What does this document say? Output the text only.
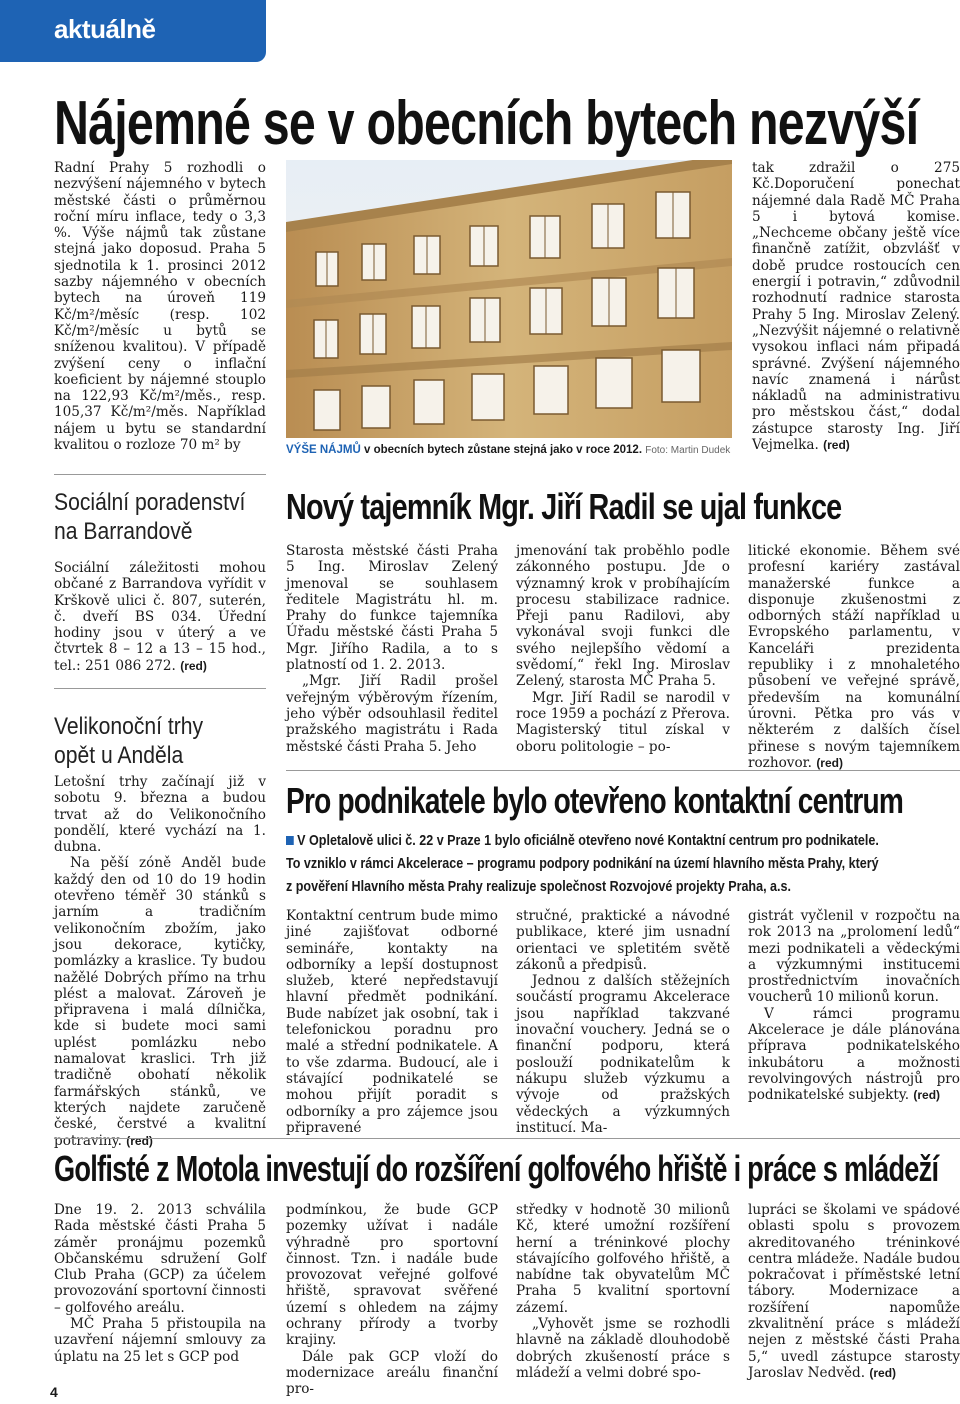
aktuálně
Nájemné se v obecních bytech nezvýší

Radní Prahy 5 rozhodli o nezvýšení nájemného v bytech městské části o průměrnou roční míru inflace, tedy o 3,3 %. Výše nájmů tak zůstane stejná jako doposud. Praha 5 sjednotila k 1. prosinci 2012 sazby nájemného v obecních bytech na úroveň 119 Kč/m²/měsíc (resp. 102 Kč/m²/měsíc u bytů se sníženou kvalitou). V případě zvýšení ceny o inflační koeficient by nájemné stouplo na 122,93 Kč/m²/měs., resp. 105,37 Kč/m²/měs. Například nájem u bytu se standardní kvalitou o rozloze 70 m² by	VÝŠE NÁJMŮ v obecních bytech zůstane stejná jako v roce 2012. Foto: Martin Dudek

tak zdražil o 275 Kč.Doporučení ponechat nájemné dala Radě MČ Praha 5 i bytová komise. „Nechceme občany ještě více finančně zatížit, obzvlášť v době prudce rostoucích cen energií i potravin,“ zdůvodnil rozhodnutí radnice starosta Prahy 5 Ing. Miroslav Zelený. „Nezvýšit nájemné o relativně vysokou inflaci nám připadá správné. Zvýšení nájemného navíc znamená i nárůst nákladů na administrativu pro městskou část,“ dodal zástupce starosty Ing. Jiří Vejmelka. (red)

Sociální poradenství
na Barrandově

Sociální záležitosti mohou občané z Barrandova vyřídit v Krškově ulici č. 807, suterén, č. dveří BS 034. Úřední hodiny jsou v úterý a ve čtvrtek 8 – 12 a 13 – 15 hod., tel.: 251 086 272. (red)

Velikonoční trhy
opět u Anděla

Letošní trhy začínají již v sobotu 9. března a budou trvat až do Velikonočního pondělí, které vychází na 1. dubna.

Na pěší zóně Anděl bude každý den od 10 do 19 hodin otevřeno téměř 30 stánků s jarním a tradičním velikonočním zbožím, jako jsou dekorace, kytičky, pomlázky a kraslice. Ty budou nažělé Dobrých přímo na trhu plést a malovat. Zároveň je připravena i malá dílnička, kde si budete moci sami uplést pomlázku nebo namalovat kraslici. Trh již tradičně obohatí několik farmářských stánků, ve kterých najdete zaručeně české, čerstvé a kvalitní potraviny. (red)

Nový tajemník Mgr. Jiří Radil se ujal funkce

Starosta městské části Praha 5 Ing. Miroslav Zelený jmenoval se souhlasem ředitele Magistrátu hl. m. Prahy do funkce tajemníka Úřadu městské části Praha 5 Mgr. Jiřího Radila, a to s platností od 1. 2. 2013.

„Mgr. Jiří Radil prošel veřejným výběrovým řízením, jeho výběr odsouhlasil ředitel pražského magistrátu i Rada městské části Praha 5. Jeho

jmenování tak proběhlo podle zákonného postupu. Jde o významný krok v probíhajícím procesu stabilizace radnice. Přeji panu Radilovi, aby vykonával svoji funkci dle svého nejlepšího vědomí a svědomí,“ řekl Ing. Miroslav Zelený, starosta MČ Praha 5.

Mgr. Jiří Radil se narodil v roce 1959 a pochází z Přerova. Magisterský titul získal v oboru politologie – po-

litické ekonomie. Během své profesní kariéry zastával manažerské funkce a disponuje zkušenostmi z odborných stáží například u Evropského parlamentu, v Kanceláři prezidenta republiky i z mnohaletého působení ve veřejné správě, především na komunální úrovni. Pětka pro vás v některém z dalších čísel přinese s novým tajemníkem rozhovor. (red)

Pro podnikatele bylo otevřeno kontaktní centrum
V Opletalově ulici č. 22 v Praze 1 bylo oficiálně otevřeno nové Kontaktní centrum pro podnikatele.
To vzniklo v rámci Akcelerace – programu podpory podnikání na území hlavního města Prahy, který
z pověření Hlavního města Prahy realizuje společnost Rozvojové projekty Praha, a.s.

Kontaktní centrum bude mimo jiné zajišťovat odborné semináře, kontakty na odborníky a lepší dostupnost služeb, které nepředstavují hlavní předmět podnikání. Bude nabízet jak osobní, tak i telefonickou poradnu pro malé a střední podnikatele. A to vše zdarma. Budoucí, ale i stávající podnikatelé se mohou přijít poradit s odborníky a pro zájemce jsou připravené

stručné, praktické a návodné publikace, které jim usnadní orientaci ve spletitém světě zákonů a předpisů.

Jednou z dalších stěžejních součástí programu Akcelerace jsou například takzvané inovační vouchery. Jedná se o finanční podporu, která poslouží podnikatelům k nákupu služeb výzkumu a vývoje od pražských vědeckých a výzkumných institucí. Ma-

gistrát vyčlenil v rozpočtu na rok 2013 na „prolomení ledů“ mezi podnikateli a vědeckými a výzkumnými institucemi prostřednictvím inovačních voucherů 10 milionů korun.

V rámci programu Akcelerace je dále plánována příprava podnikatelského inkubátoru a možnosti revolvingových nástrojů pro podnikatelské subjekty. (red)

Golfisté z Motola investují do rozšíření golfového hřiště i práce s mládeží

Dne 19. 2. 2013 schválila Rada městské části Praha 5 záměr pronájmu pozemků Občanskému sdružení Golf Club Praha (GCP) za účelem provozování sportovní činnosti – golfového areálu.

MČ Praha 5 přistoupila na uzavření nájemní smlouvy za úplatu na 25 let s GCP pod

podmínkou, že bude GCP pozemky užívat i nadále výhradně pro sportovní činnost. Tzn. i nadále bude provozovat veřejné golfové hřiště, spravovat svěřené území s ohledem na zájmy ochrany přírody a tvorby krajiny.

Dále pak GCP vloží do modernizace areálu finanční pro-

středky v hodnotě 30 milionů Kč, které umožní rozšíření herní a tréninkové plochy stávajícího golfového hřiště, a nabídne tak obyvatelům MČ Praha 5 kvalitní sportovní zázemí.

„Vyhovět jsme se rozhodli hlavně na základě dlouhodobě dobrých zkušeností práce s mládeží a velmi dobré spo-

lupráci se školami ve spádové oblasti spolu s provozem akreditovaného tréninkové centra mládeže. Nadále budou pokračovat i příměstské letní tábory. Modernizace a rozšíření napomůže zkvalitnění práce s mládeží nejen z městské části Praha 5,“ uvedl zástupce starosty Jaroslav Nedvěd. (red)

4
